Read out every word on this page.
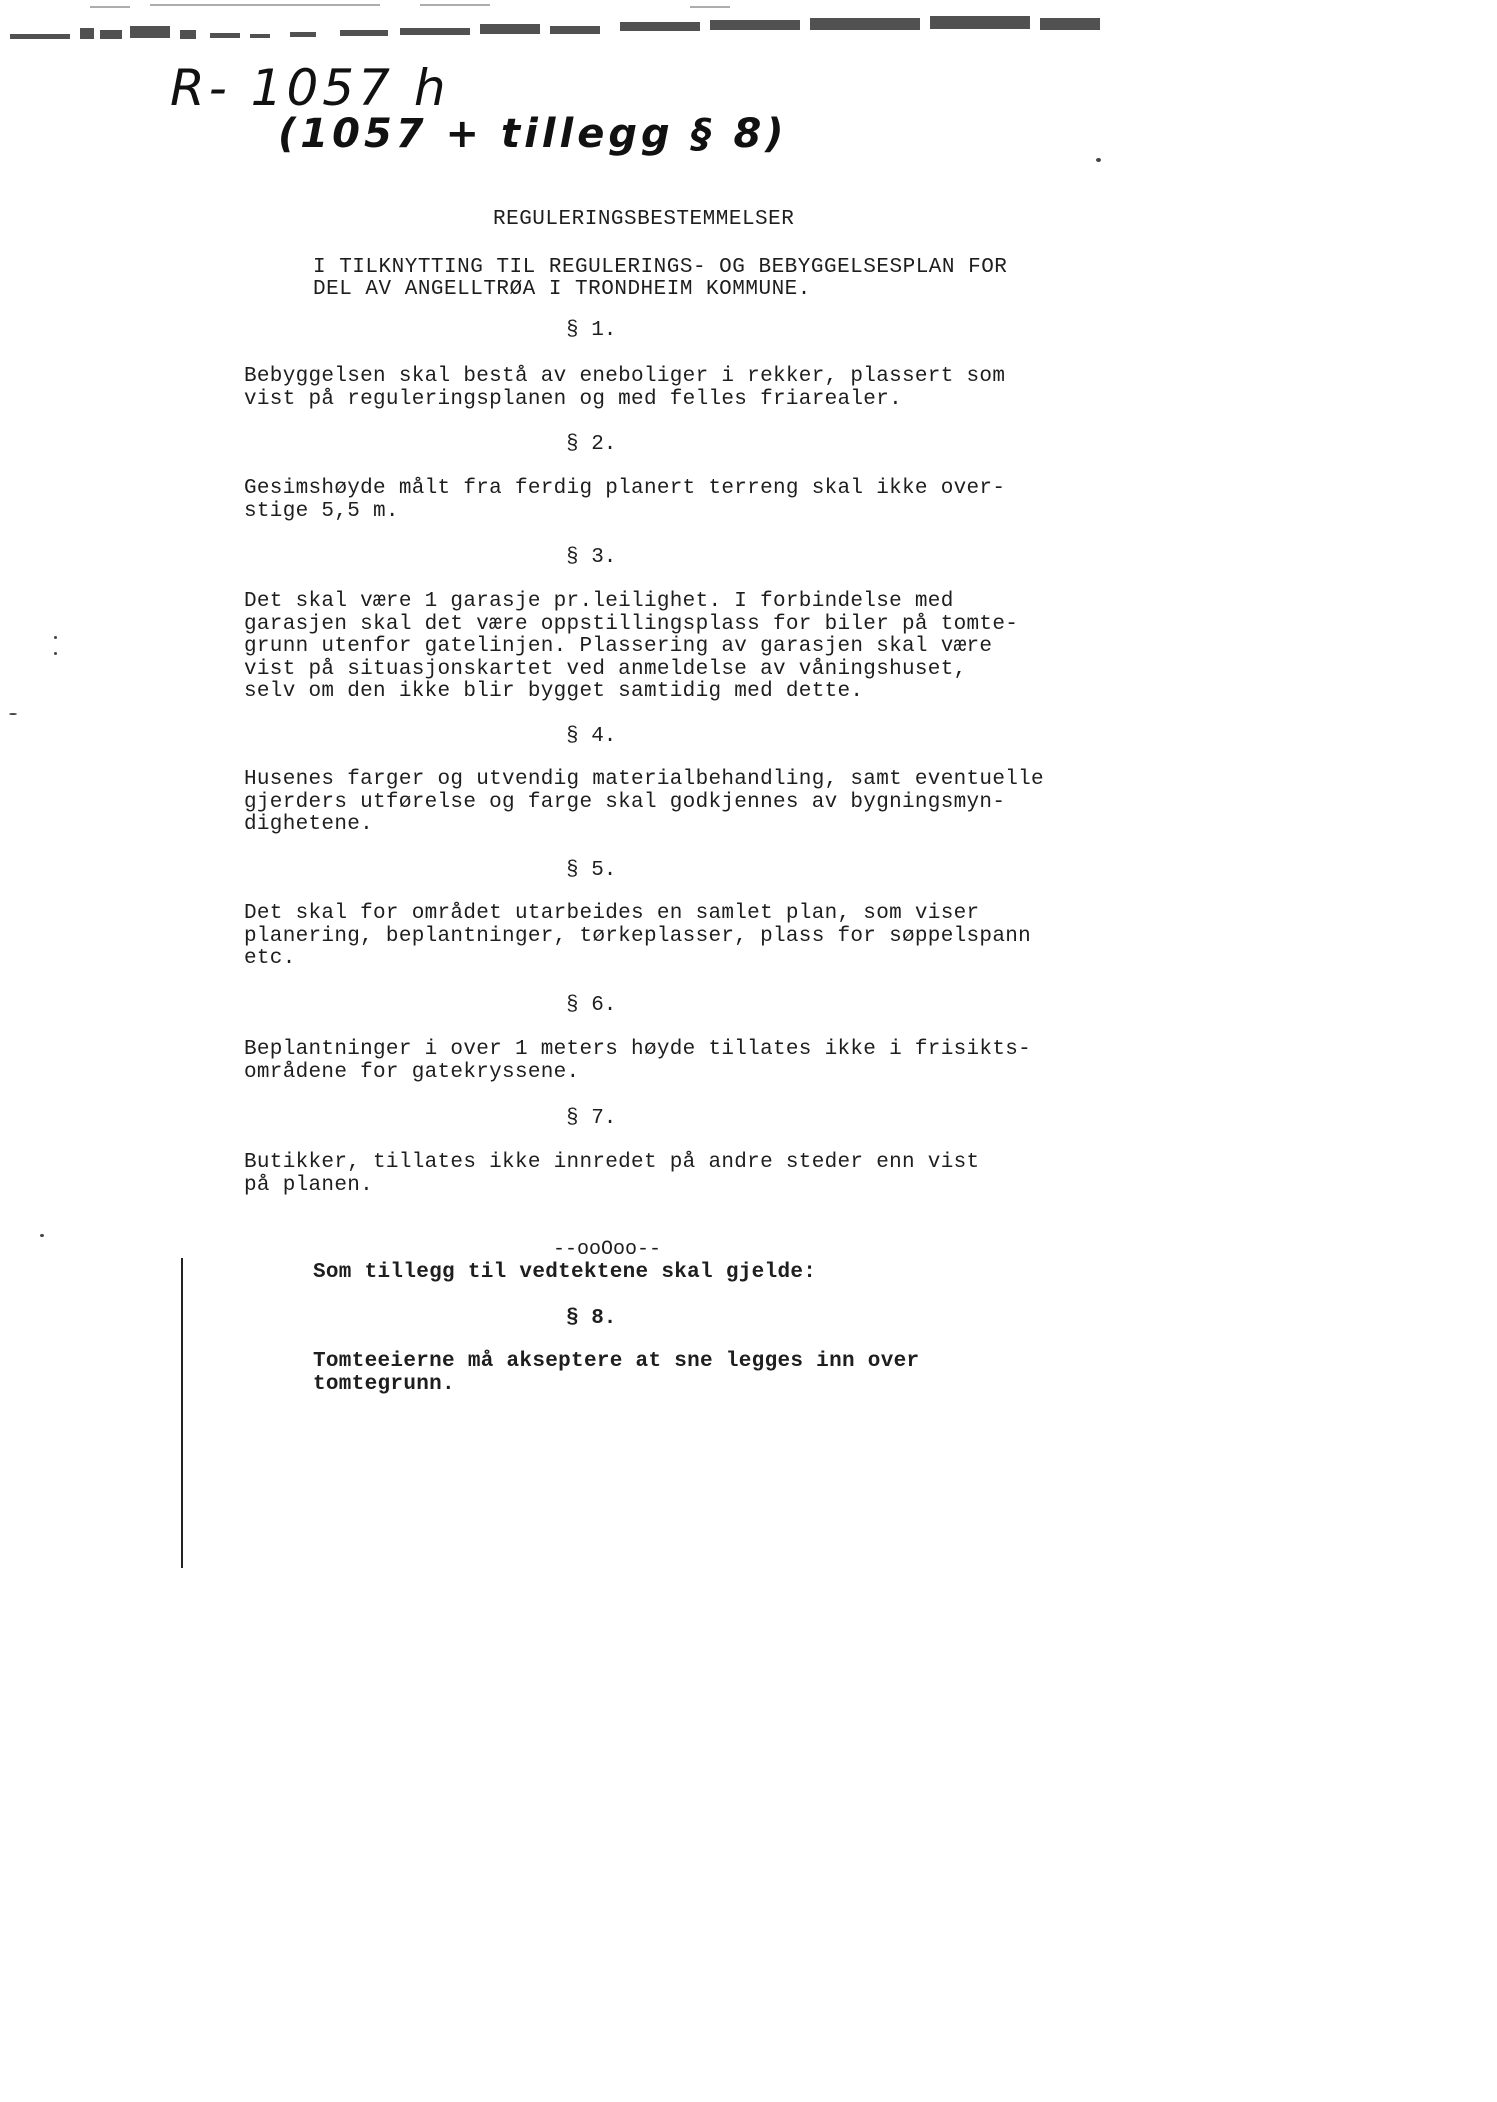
R- 1057 h
(1057 + tillegg § 8)
REGULERINGSBESTEMMELSER
I TILKNYTTING TIL REGULERINGS- OG BEBYGGELSESPLAN FOR
DEL AV ANGELLTRØA I TRONDHEIM KOMMUNE.
§ 1.
Bebyggelsen skal bestå av eneboliger i rekker, plassert som
vist på reguleringsplanen og med felles friarealer.
§ 2.
Gesimshøyde målt fra ferdig planert terreng skal ikke over-
stige 5,5 m.
§ 3.
Det skal være 1 garasje pr.leilighet. I forbindelse med
garasjen skal det være oppstillingsplass for biler på tomte-
grunn utenfor gatelinjen. Plassering av garasjen skal være
vist på situasjonskartet ved anmeldelse av våningshuset,
selv om den ikke blir bygget samtidig med dette.
§ 4.
Husenes farger og utvendig materialbehandling, samt eventuelle
gjerders utførelse og farge skal godkjennes av bygningsmyn-
dighetene.
§ 5.
Det skal for området utarbeides en samlet plan, som viser
planering, beplantninger, tørkeplasser, plass for søppelspann
etc.
§ 6.
Beplantninger i over 1 meters høyde tillates ikke i frisikts-
områdene for gatekryssene.
§ 7.
Butikker, tillates ikke innredet på andre steder enn vist
på planen.
--ooOoo--
Som tillegg til vedtektene skal gjelde:
§ 8.
Tomteeierne må akseptere at sne legges inn over
tomtegrunn.
